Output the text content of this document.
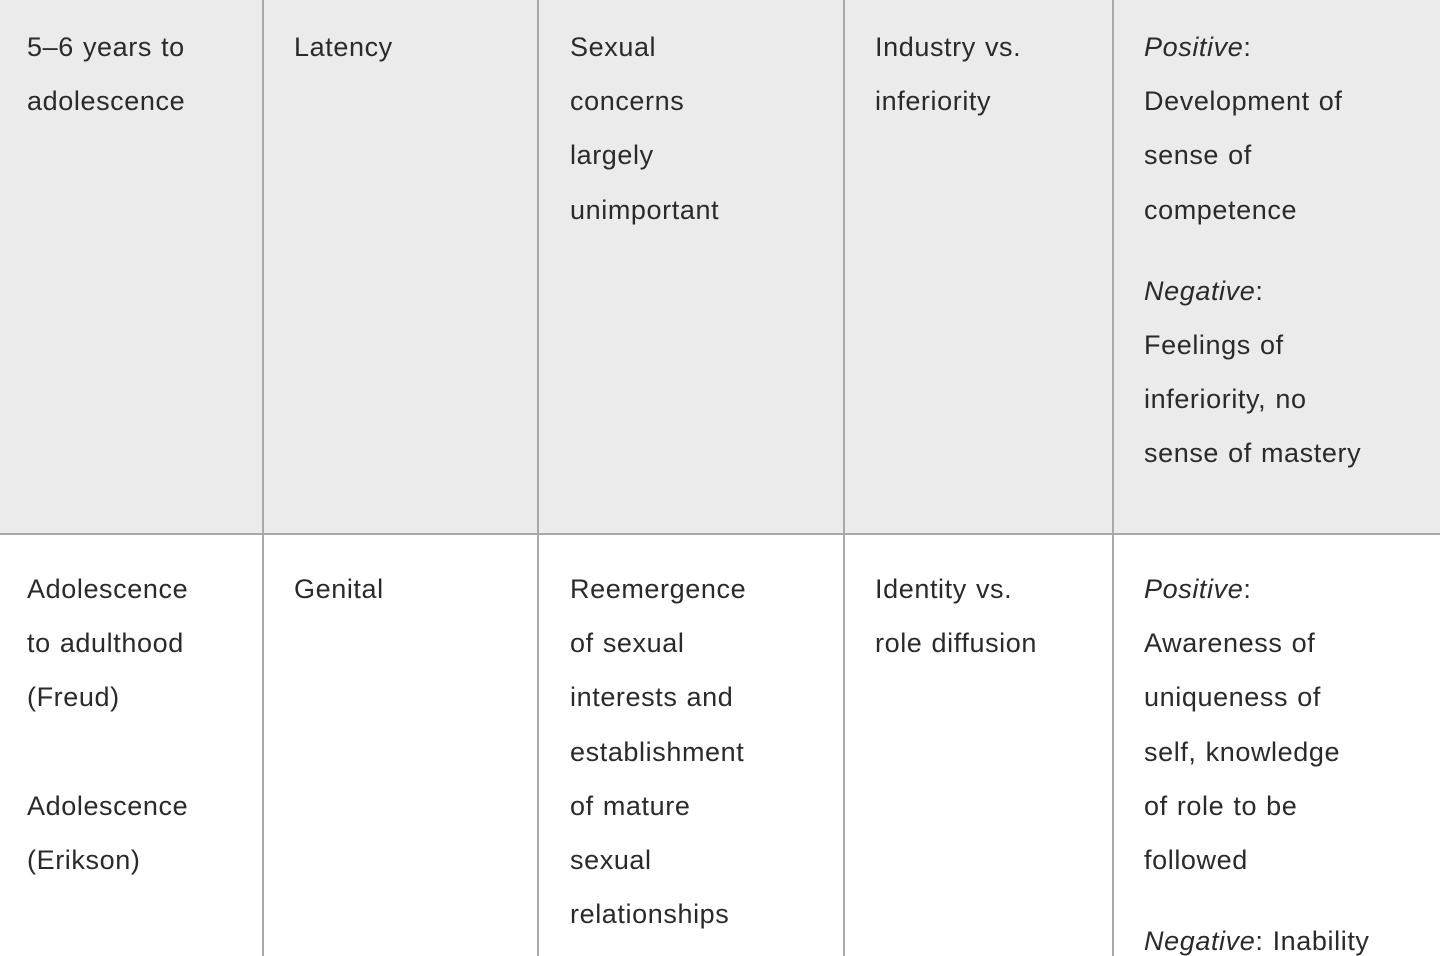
5–6 years to
adolescence
Latency	Sexual
concerns
largely
unimportant
Industry vs.
inferiority
Positive:
Development of
sense of
competence
Negative:
Feelings of
inferiority, no
sense of mastery
Adolescence
to adulthood
(Freud)
Adolescence
(Erikson)
Genital	Reemergence
of sexual
interests and
establishment
of mature
sexual
relationships
Identity vs.
role diffusion
Positive:
Awareness of
uniqueness of
self, knowledge
of role to be
followed
Negative: Inability
